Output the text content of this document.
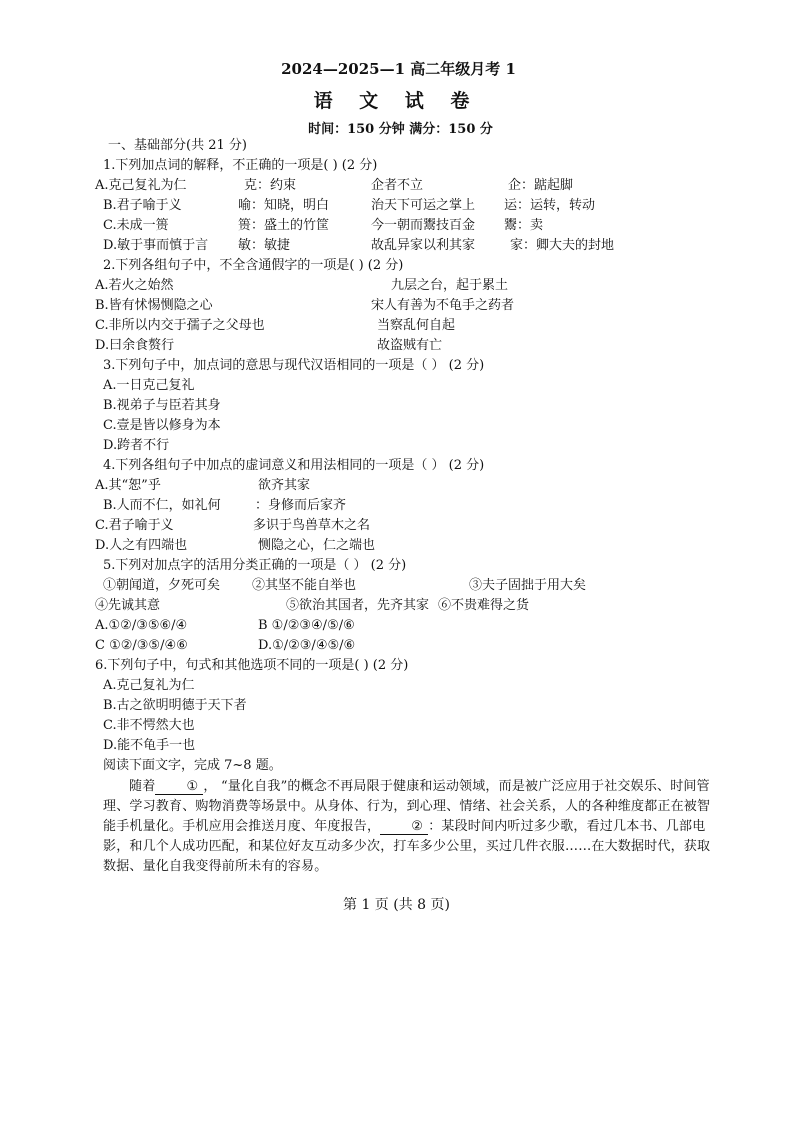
2024—2025—1 高二年级月考 1
语 文 试 卷
时间：150 分钟 满分：150 分
一、基础部分(共 21 分)
1.下列加点词的解释，不正确的一项是( ) (2 分)
A.克己复礼为仁	克：约束	企者不立	企：踮起脚
B.君子喻于义	喻：知晓，明白	治天下可运之掌上 运：运转，转动
C.未成一篑	篑：盛土的竹筐	今一朝而鬻技百金 鬻：卖
D.敏于事而慎于言 敏：敏捷	故乱异家以利其家	家：卿大夫的封地
2.下列各组句子中，不全含通假字的一项是( ) (2 分)
A.若火之始然	九层之台，起于累土
B.皆有怵惕恻隐之心	宋人有善为不龟手之药者
C.非所以内交于孺子之父母也	当察乱何自起
D.曰余食赘行	故盗贼有亡
3.下列句子中，加点词的意思与现代汉语相同的一项是（ ） (2 分)
A.一日克己复礼
B.视弟子与臣若其身
C.壹是皆以修身为本
D.跨者不行
4.下列各组句子中加点的虚词意义和用法相同的一项是（ ） (2 分)
A.其“恕”乎	欲齐其家
B.人而不仁，如礼何	：身修而后家齐
C.君子喻于义	多识于鸟兽草木之名
D.人之有四端也	恻隐之心，仁之端也
5.下列对加点字的活用分类正确的一项是（ ） (2 分)
①朝闻道，夕死可矣 ②其坚不能自举也	③夫子固拙于用大矣
④先诚其意	⑤欲治其国者，先齐其家 ⑥不贵难得之货
A.①②/③⑤⑥/④	B ①/②③④/⑤/⑥
C ①②/③⑤/④⑥	D.①/②③/④⑤/⑥
6.下列句子中，句式和其他选项不同的一项是( ) (2 分)
A.克己复礼为仁
B.古之欲明明德于天下者
C.非不愕然大也
D.能不龟手一也
阅读下面文字，完成 7~8 题。
随着 ① ， “量化自我”的概念不再局限于健康和运动领域，而是被广泛应用于社交娱乐、时间管理、学习教育、购物消费等场景中。从身体、行为，到心理、情绪、社会关系，人的各种维度都正在被智能手机量化。手机应用会推送月度、年度报告， ② ：某段时间内听过多少歌，看过几本书、几部电影，和几个人成功匹配，和某位好友互动多少次，打车多少公里，买过几件衣服……在大数据时代，获取数据、量化自我变得前所未有的容易。
第 1 页 (共 8 页)
